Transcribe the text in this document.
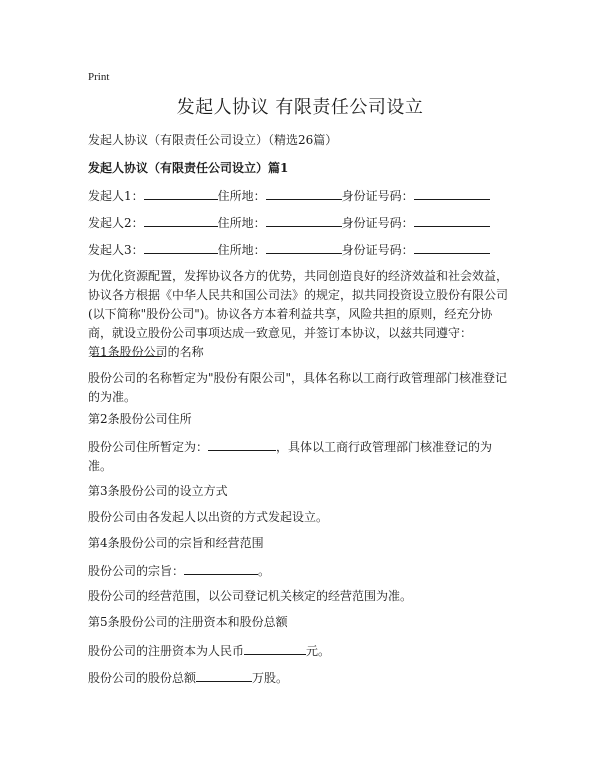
Print
发起人协议 有限责任公司设立
发起人协议（有限责任公司设立）（精选26篇）
发起人协议（有限责任公司设立）篇1
发起人1：	住所地：	身份证号码：
发起人2：	住所地：	身份证号码：
发起人3：	住所地：	身份证号码：
为优化资源配置，发挥协议各方的优势，共同创造良好的经济效益和社会效益，协议各方根据《中华人民共和国公司法》的规定，拟共同投资设立股份有限公司(以下简称"股份公司")。协议各方本着利益共享，风险共担的原则，经充分协商，就设立股份公司事项达成一致意见，并签订本协议，以兹共同遵守：
第1条股份公司的名称
股份公司的名称暂定为"股份有限公司"，具体名称以工商行政管理部门核准登记的为准。
第2条股份公司住所
股份公司住所暂定为：	，具体以工商行政管理部门核准登记的为准。
第3条股份公司的设立方式
股份公司由各发起人以出资的方式发起设立。
第4条股份公司的宗旨和经营范围
股份公司的宗旨：	。
股份公司的经营范围，以公司登记机关核定的经营范围为准。
第5条股份公司的注册资本和股份总额
股份公司的注册资本为人民币	元。
股份公司的股份总额	万股。
